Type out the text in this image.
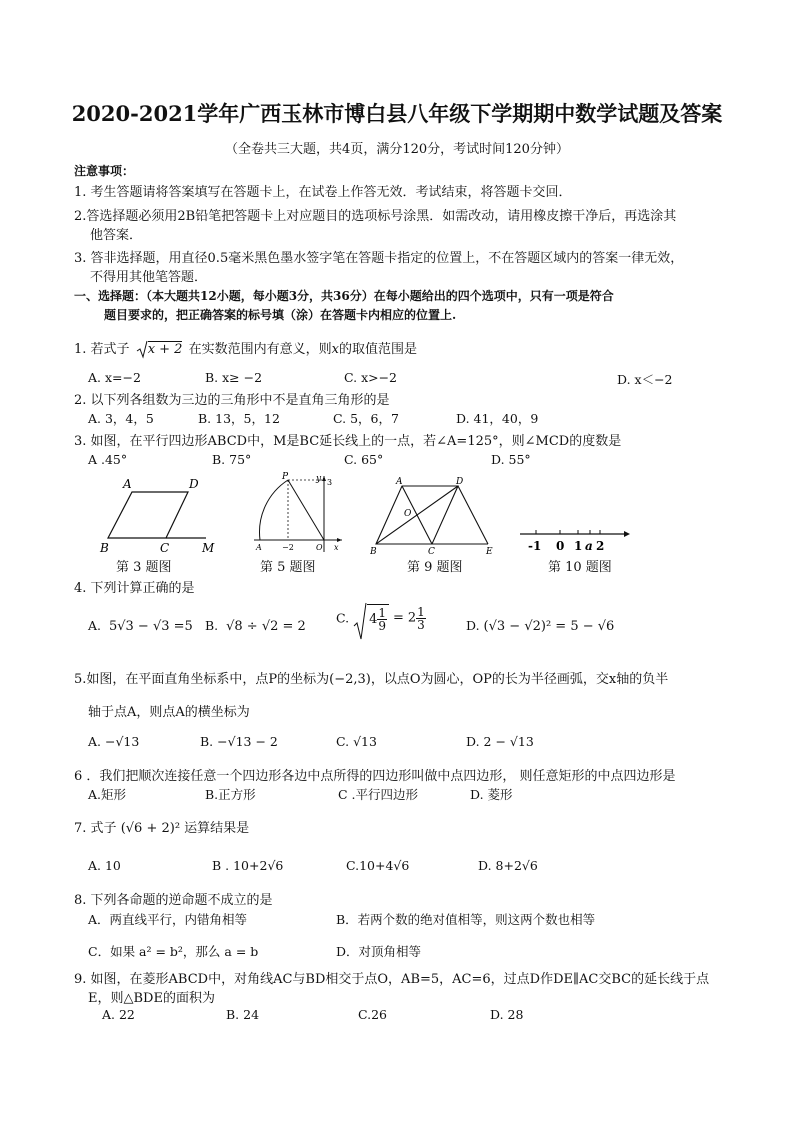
2020-2021学年广西玉林市博白县八年级下学期期中数学试题及答案
（全卷共三大题，共4页，满分120分，考试时间120分钟）
注意事项：
1. 考生答题请将答案填写在答题卡上，在试卷上作答无效．考试结束，将答题卡交回．
2.答选择题必须用2B铅笔把答题卡上对应题目的选项标号涂黑．如需改动，请用橡皮擦干净后，再选涂其
他答案．
3. 答非选择题，用直径0.5毫米黑色墨水签字笔在答题卡指定的位置上，不在答题区域内的答案一律无效，
不得用其他笔答题．
一、选择题：（本大题共12小题，每小题3分，共36分）在每小题给出的四个选项中，只有一项是符合
题目要求的，把正确答案的标号填（涂）在答题卡内相应的位置上.
1. 若式子 x + 2 在实数范围内有意义，则x的取值范围是
A. x=−2	B. x≥ −2	C. x>−2	D. x＜−2
2. 以下列各组数为三边的三角形中不是直角三角形的是
A. 3，4，5	B. 13，5，12	C. 5，6，7	D. 41，40，9
3. 如图，在平行四边形ABCD中，M是BC延长线上的一点，若∠A=125°，则∠MCD的度数是
A .45°	B. 75°	C. 65°	D. 55°
A	D
B	C	M
第 3 题图
P	y 3
A	−2	O x
第 5 题图
A	D
O
B	C	E
第 9 题图
-1 0 1 a 2
第 10 题图
4. 下列计算正确的是
A. 5√3 − √3 =5 B. √8 ÷ √2 = 2
C. $4 \frac{1}{9} = 2 \frac{1}{3}$	D. (√3 − √2)² = 5 − √6
5.如图，在平面直角坐标系中，点P的坐标为(−2,3)，以点O为圆心，OP的长为半径画弧，交x轴的负半
轴于点A，则点A的横坐标为
A. −√13	B. −√13 − 2	C. √13	D. 2 − √13
6 ．我们把顺次连接任意一个四边形各边中点所得的四边形叫做中点四边形， 则任意矩形的中点四边形是
A.矩形	B.正方形	C .平行四边形	D. 菱形
7. 式子 (√6 + 2)² 运算结果是
A. 10	B . 10+2√6	C.10+4√6	D. 8+2√6
8. 下列各命题的逆命题不成立的是
A．两直线平行，内错角相等	B．若两个数的绝对值相等，则这两个数也相等
C．如果 a² = b²，那么 a = b	D．对顶角相等
9. 如图，在菱形ABCD中，对角线AC与BD相交于点O，AB=5，AC=6，过点D作DE∥AC交BC的延长线于点
E，则△BDE的面积为
A. 22	B. 24	C.26	D. 28
